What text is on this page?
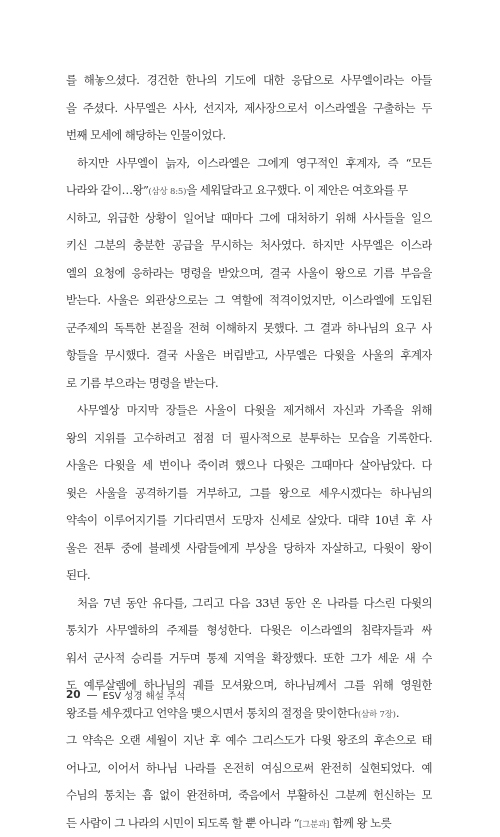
를 해놓으셨다. 경건한 한나의 기도에 대한 응답으로 사무엘이라는 아들
을 주셨다. 사무엘은 사사, 선지자, 제사장으로서 이스라엘을 구출하는 두
번째 모세에 해당하는 인물이었다.
하지만 사무엘이 늙자, 이스라엘은 그에게 영구적인 후계자, 즉 “모든
나라와 같이…왕”(삼상 8:5)을 세워달라고 요구했다. 이 제안은 여호와를 무
시하고, 위급한 상황이 일어날 때마다 그에 대처하기 위해 사사들을 일으
키신 그분의 충분한 공급을 무시하는 처사였다. 하지만 사무엘은 이스라
엘의 요청에 응하라는 명령을 받았으며, 결국 사울이 왕으로 기름 부음을
받는다. 사울은 외관상으로는 그 역할에 적격이었지만, 이스라엘에 도입된
군주제의 독특한 본질을 전혀 이해하지 못했다. 그 결과 하나님의 요구 사
항들을 무시했다. 결국 사울은 버림받고, 사무엘은 다윗을 사울의 후계자
로 기름 부으라는 명령을 받는다.
사무엘상 마지막 장들은 사울이 다윗을 제거해서 자신과 가족을 위해
왕의 지위를 고수하려고 점점 더 필사적으로 분투하는 모습을 기록한다.
사울은 다윗을 세 번이나 죽이려 했으나 다윗은 그때마다 살아남았다. 다
윗은 사울을 공격하기를 거부하고, 그를 왕으로 세우시겠다는 하나님의
약속이 이루어지기를 기다리면서 도망자 신세로 살았다. 대략 10년 후 사
울은 전투 중에 블레셋 사람들에게 부상을 당하자 자살하고, 다윗이 왕이
된다.
처음 7년 동안 유다를, 그리고 다음 33년 동안 온 나라를 다스린 다윗의
통치가 사무엘하의 주제를 형성한다. 다윗은 이스라엘의 침략자들과 싸
워서 군사적 승리를 거두며 통제 지역을 확장했다. 또한 그가 세운 새 수
도 예루살렘에 하나님의 궤를 모셔왔으며, 하나님께서 그를 위해 영원한
왕조를 세우겠다고 언약을 맺으시면서 통치의 절정을 맞이한다(삼하 7장).
그 약속은 오랜 세월이 지난 후 예수 그리스도가 다윗 왕조의 후손으로 태
어나고, 이어서 하나님 나라를 온전히 여심으로써 완전히 실현되었다. 예
수님의 통치는 흠 없이 완전하며, 죽음에서 부활하신 그분께 헌신하는 모
든 사람이 그 나라의 시민이 되도록 할 뿐 아니라 “[그분과] 함께 왕 노릇
20 ESV 성경 해설 주석
